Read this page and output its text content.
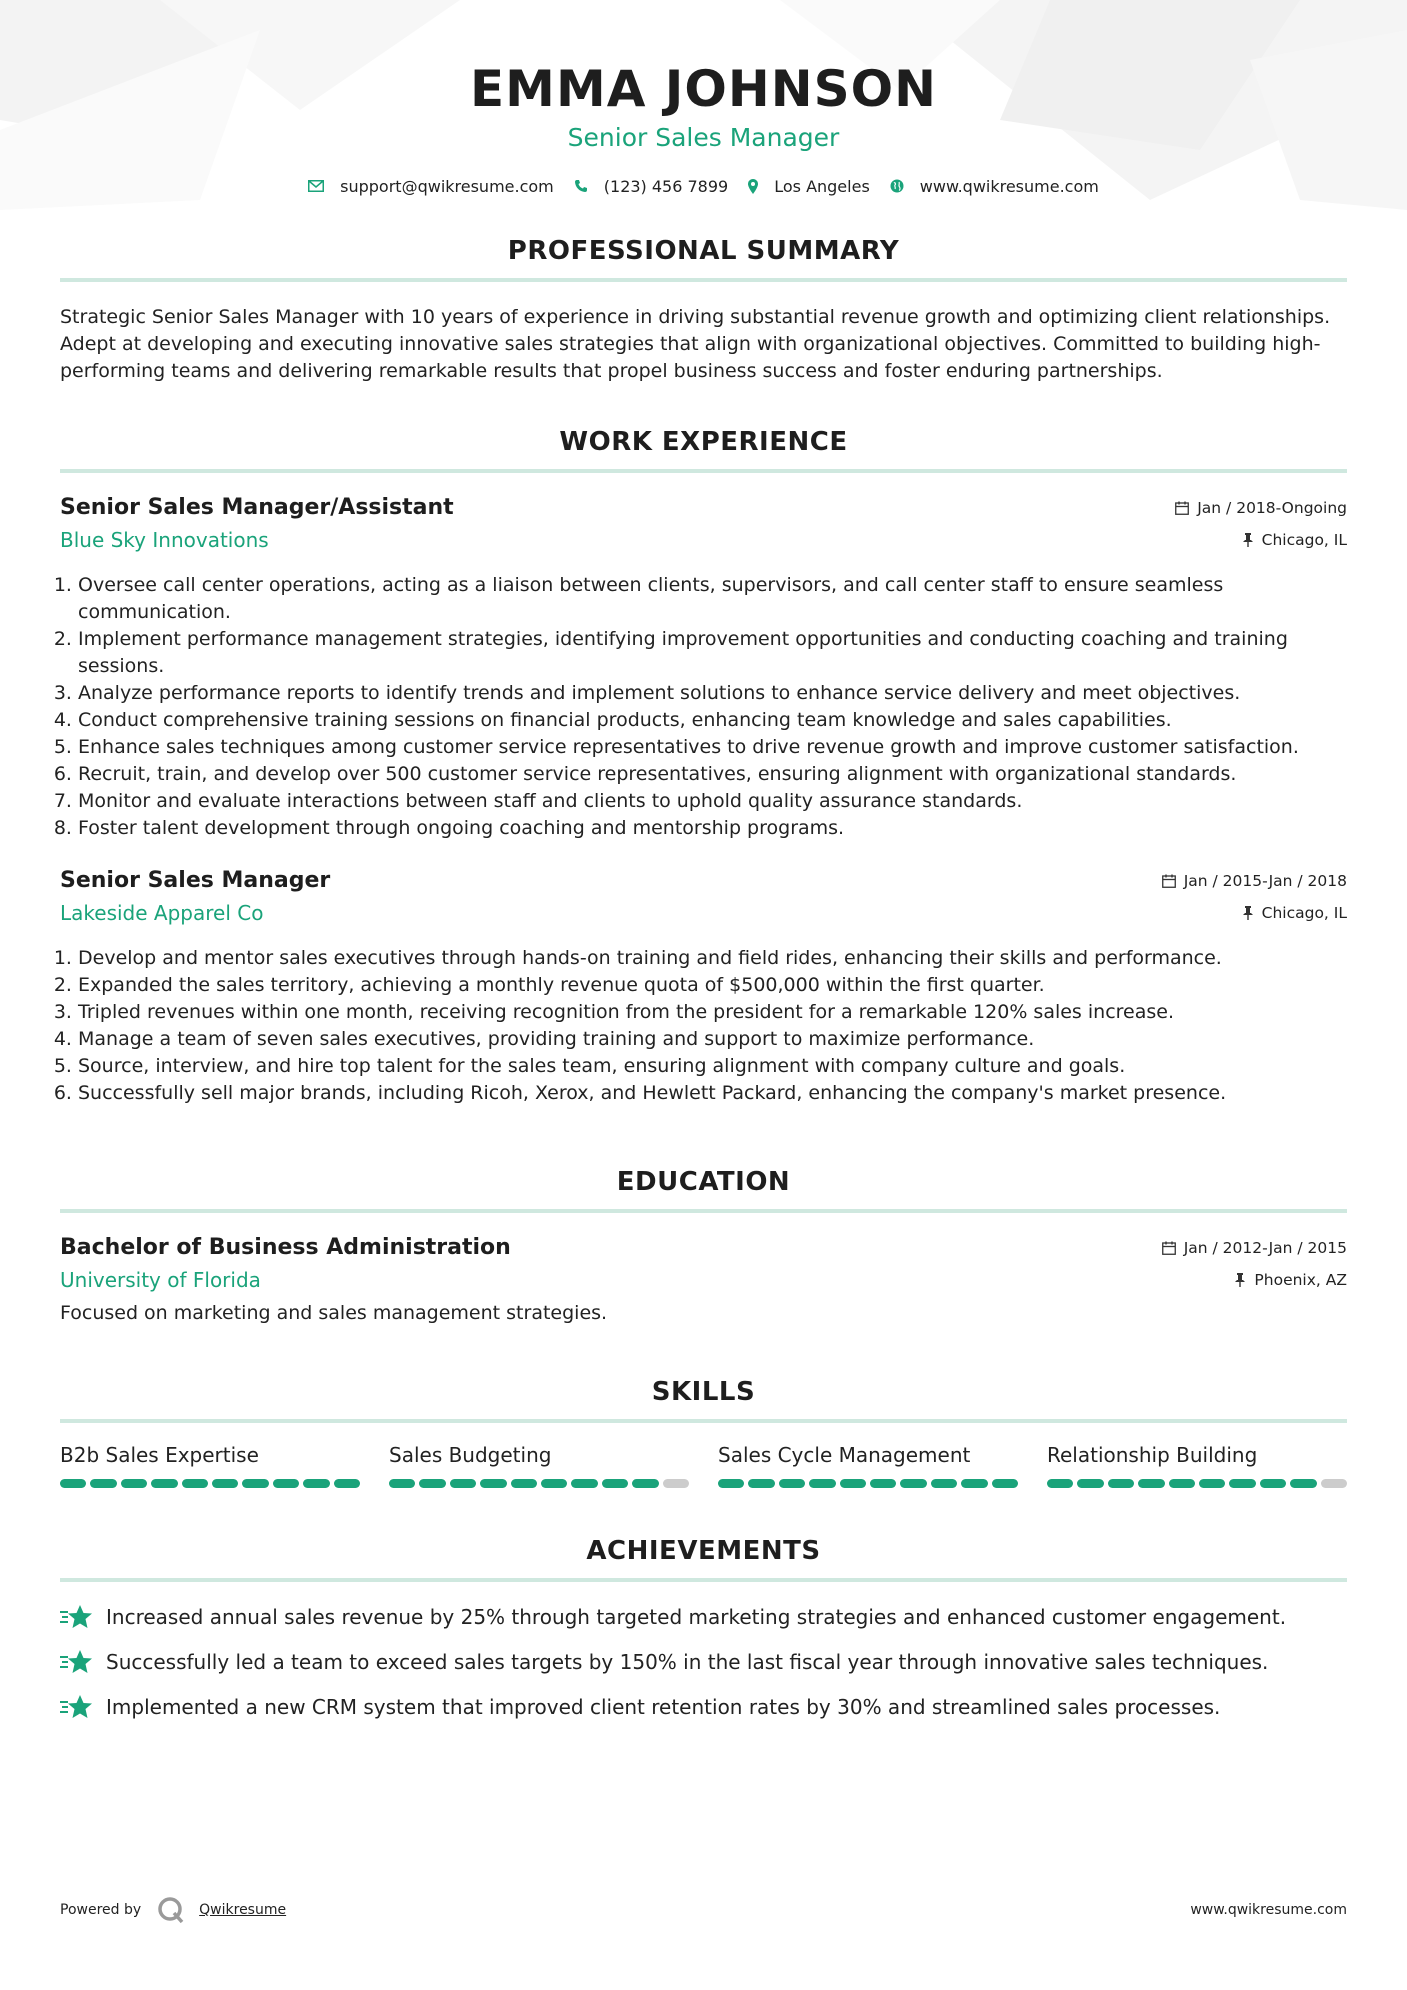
EMMA JOHNSON
Senior Sales Manager
support@qwikresume.com	(123) 456 7899	Los Angeles	www.qwikresume.com
PROFESSIONAL SUMMARY

Strategic Senior Sales Manager with 10 years of experience in driving substantial revenue growth and optimizing client relationships. Adept at developing and executing innovative sales strategies that align with organizational objectives. Committed to building high-performing teams and delivering remarkable results that propel business success and foster enduring partnerships.

WORK EXPERIENCE
Senior Sales Manager/Assistant
Blue Sky Innovations
Jan / 2018-Ongoing
Chicago, IL
1. Oversee call center operations, acting as a liaison between clients, supervisors, and call center staff to ensure seamless communication.
2. Implement performance management strategies, identifying improvement opportunities and conducting coaching and training sessions.
3. Analyze performance reports to identify trends and implement solutions to enhance service delivery and meet objectives.
4. Conduct comprehensive training sessions on financial products, enhancing team knowledge and sales capabilities.
5. Enhance sales techniques among customer service representatives to drive revenue growth and improve customer satisfaction.
6. Recruit, train, and develop over 500 customer service representatives, ensuring alignment with organizational standards.
7. Monitor and evaluate interactions between staff and clients to uphold quality assurance standards.
8. Foster talent development through ongoing coaching and mentorship programs.
Senior Sales Manager
Lakeside Apparel Co
Jan / 2015-Jan / 2018
Chicago, IL
1. Develop and mentor sales executives through hands-on training and field rides, enhancing their skills and performance.
2. Expanded the sales territory, achieving a monthly revenue quota of $500,000 within the first quarter.
3. Tripled revenues within one month, receiving recognition from the president for a remarkable 120% sales increase.
4. Manage a team of seven sales executives, providing training and support to maximize performance.
5. Source, interview, and hire top talent for the sales team, ensuring alignment with company culture and goals.
6. Successfully sell major brands, including Ricoh, Xerox, and Hewlett Packard, enhancing the company's market presence.
EDUCATION
Bachelor of Business Administration
University of Florida
Jan / 2012-Jan / 2015
Phoenix, AZ

Focused on marketing and sales management strategies.

SKILLS
B2b Sales Expertise	Sales Budgeting	Sales Cycle Management	Relationship Building
ACHIEVEMENTS
Increased annual sales revenue by 25% through targeted marketing strategies and enhanced customer engagement.
Successfully led a team to exceed sales targets by 150% in the last fiscal year through innovative sales techniques.
Implemented a new CRM system that improved client retention rates by 30% and streamlined sales processes.
Powered by	Qwikresume	www.qwikresume.com
